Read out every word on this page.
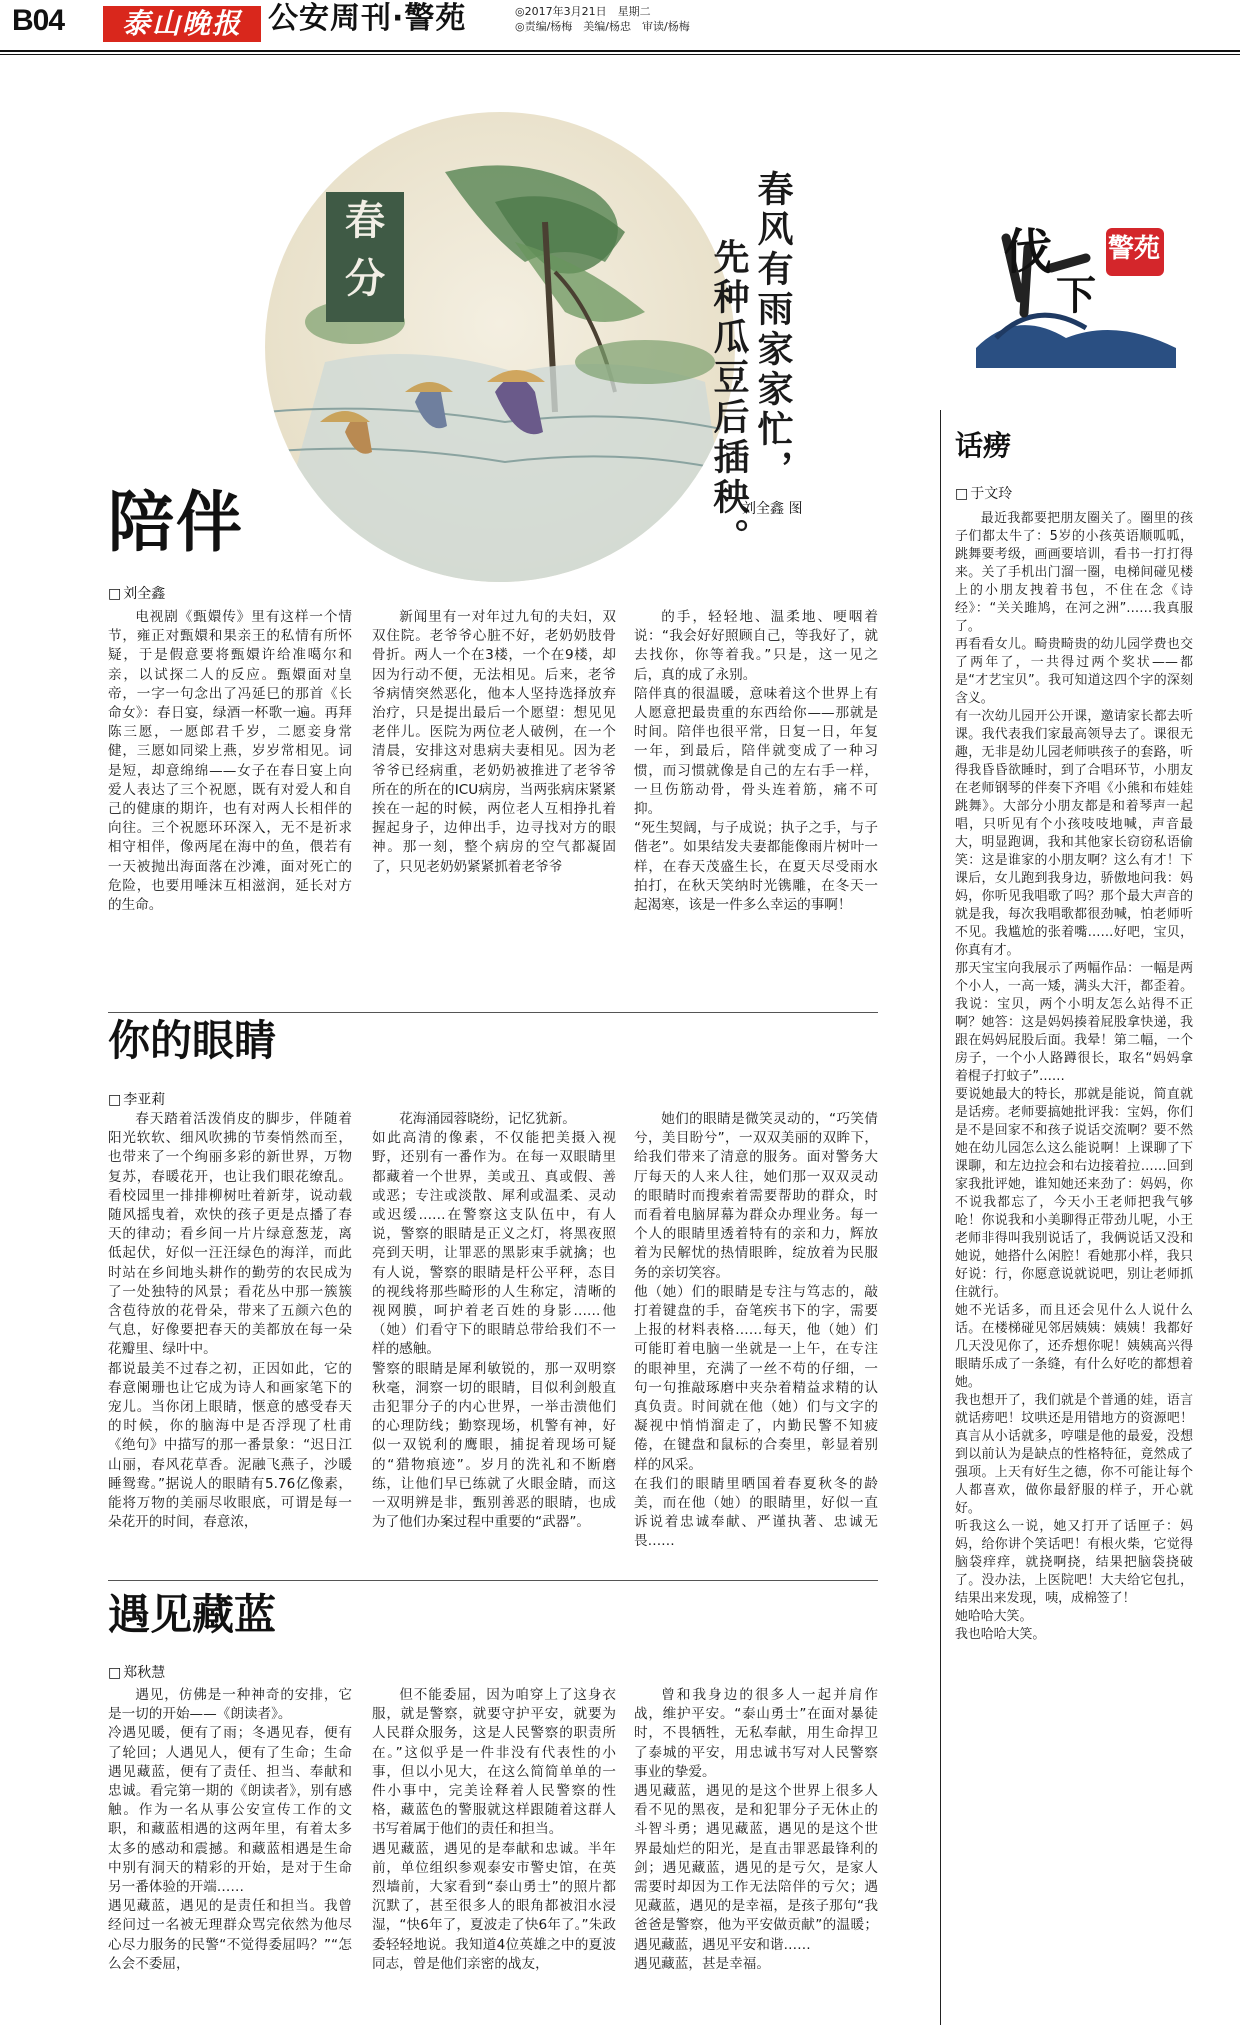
B04	泰山晚报 公安周刊·警苑	◎2017年3月21日　星期二
◎责编/杨梅　美编/杨忠　审读/杨梅
春分	春风有雨家家忙，
先种瓜豆后插秧。
刘全鑫 图
伐
下
警苑
陪伴
□ 刘全鑫

电视剧《甄嬛传》里有这样一个情节，雍正对甄嬛和果亲王的私情有所怀疑，于是假意要将甄嬛许给准噶尔和亲，以试探二人的反应。甄嬛面对皇帝，一字一句念出了冯延巳的那首《长命女》：春日宴，绿酒一杯歌一遍。再拜陈三愿，一愿郎君千岁，二愿妾身常健，三愿如同梁上燕，岁岁常相见。词是短，却意绵绵——女子在春日宴上向爱人表达了三个祝愿，既有对爱人和自己的健康的期许，也有对两人长相伴的向往。三个祝愿环环深入，无不是祈求相守相伴，像两尾在海中的鱼，偎若有一天被抛出海面落在沙滩，面对死亡的危险，也要用唾沫互相滋润，延长对方的生命。

新闻里有一对年过九旬的夫妇，双双住院。老爷爷心脏不好，老奶奶肢骨骨折。两人一个在3楼，一个在9楼，却因为行动不便，无法相见。后来，老爷爷病情突然恶化，他本人坚持选择放弃治疗，只是提出最后一个愿望：想见见老伴儿。医院为两位老人破例，在一个清晨，安排这对患病夫妻相见。因为老爷爷已经病重，老奶奶被推进了老爷爷所在的所在的ICU病房，当两张病床紧紧挨在一起的时候，两位老人互相挣扎着握起身子，边伸出手，边寻找对方的眼神。那一刻，整个病房的空气都凝固了，只见老奶奶紧紧抓着老爷爷

的手，轻轻地、温柔地、哽咽着说：“我会好好照顾自己，等我好了，就去找你，你等着我。”只是，这一见之后，真的成了永别。
陪伴真的很温暖，意味着这个世界上有人愿意把最贵重的东西给你——那就是时间。陪伴也很平常，日复一日，年复一年，到最后，陪伴就变成了一种习惯，而习惯就像是自己的左右手一样，一旦伤筋动骨，骨头连着筋，痛不可抑。
“死生契阔，与子成说；执子之手，与子偕老”。如果结发夫妻都能像雨片树叶一样，在春天茂盛生长，在夏天尽受雨水拍打，在秋天笑纳时光镌雕，在冬天一起渴寒，该是一件多么幸运的事啊！

你的眼睛
□ 李亚莉

春天踏着活泼俏皮的脚步，伴随着阳光软软、细风吹拂的节奏悄然而至，也带来了一个绚丽多彩的新世界，万物复苏，春暖花开，也让我们眼花缭乱。看校园里一排排柳树吐着新芽，说动载随风摇曳着，欢快的孩子更是点播了春天的律动；看乡间一片片绿意葱茏，离低起伏，好似一汪汪绿色的海洋，而此时站在乡间地头耕作的勤劳的农民成为了一处独特的风景；看花丛中那一簇簇含苞待放的花骨朵，带来了五颜六色的气息，好像要把春天的美都放在每一朵花瓣里、绿叶中。
都说最美不过春之初，正因如此，它的春意阑珊也让它成为诗人和画家笔下的宠儿。当你闭上眼睛，惬意的感受春天的时候，你的脑海中是否浮现了杜甫《绝句》中描写的那一番景象：“迟日江山丽，春风花草香。泥融飞燕子，沙暖睡鸳鸯。”据说人的眼睛有5.76亿像素，能将万物的美丽尽收眼底，可谓是每一朵花开的时间，春意浓，

花海涌园蓉晓纷，记忆犹新。
如此高清的像素，不仅能把美摄入视野，还别有一番作为。在每一双眼睛里都藏着一个世界，美或丑、真或假、善或恶；专注或淡散、犀利或温柔、灵动或迟缓……在警察这支队伍中，有人说，警察的眼睛是正义之灯，将黑夜照亮到天明，让罪恶的黑影束手就擒；也有人说，警察的眼睛是杆公平秤，态目的视线将那些畸形的人生称定，清晰的视网膜，呵护着老百姓的身影……他（她）们看守下的眼睛总带给我们不一样的感触。
警察的眼睛是犀利敏锐的，那一双明察秋毫，洞察一切的眼睛，目似利剑般直击犯罪分子的内心世界，一举击溃他们的心理防线；勤察现场，机警有神，好似一双锐利的鹰眼，捕捉着现场可疑的“猎物痕迹”。岁月的洗礼和不断磨练，让他们早已练就了火眼金睛，而这一双明辨是非，甄别善恶的眼睛，也成为了他们办案过程中重要的“武器”。

她们的眼睛是微笑灵动的，“巧笑倩兮，美目盼兮”，一双双美丽的双眸下，给我们带来了清意的服务。面对警务大厅每天的人来人往，她们那一双双灵动的眼睛时而搜索着需要帮助的群众，时而看着电脑屏幕为群众办理业务。每一个人的眼睛里透着特有的亲和力，辉放着为民解忧的热情眼眸，绽放着为民服务的亲切笑容。
他（她）们的眼睛是专注与笃志的，敲打着键盘的手，奋笔疾书下的字，需要上报的材料表格……每天，他（她）们可能盯着电脑一坐就是一上午，在专注的眼神里，充满了一丝不苟的仔细，一句一句推敲琢磨中夹杂着精益求精的认真负责。时间就在他（她）们与文字的凝视中悄悄溜走了，内勤民警不知疲倦，在键盘和鼠标的合奏里，彰显着别样的风采。
在我们的眼睛里晒国着春夏秋冬的龄美，而在他（她）的眼睛里，好似一直诉说着忠诚奉献、严谨执著、忠诚无畏……

遇见藏蓝
□ 郑秋慧

遇见，仿佛是一种神奇的安排，它是一切的开始——《朗读者》。
冷遇见暖，便有了雨；冬遇见春，便有了轮回；人遇见人，便有了生命；生命遇见藏蓝，便有了责任、担当、奉献和忠诚。看完第一期的《朗读者》，别有感触。作为一名从事公安宣传工作的文职，和藏蓝相遇的这两年里，有着太多太多的感动和震撼。和藏蓝相遇是生命中别有洞天的精彩的开始，是对于生命另一番体验的开端……
遇见藏蓝，遇见的是责任和担当。我曾经问过一名被无理群众骂完依然为他尽心尽力服务的民警“不觉得委屈吗？”“怎么会不委屈，

但不能委屈，因为咱穿上了这身衣服，就是警察，就要守护平安，就要为人民群众服务，这是人民警察的职责所在。”这似乎是一件非没有代表性的小事，但以小见大，在这么简简单单的一件小事中，完美诠释着人民警察的性格，藏蓝色的警服就这样跟随着这群人书写着属于他们的责任和担当。
遇见藏蓝，遇见的是奉献和忠诚。半年前，单位组织参观泰安市警史馆，在英烈墙前，大家看到“泰山勇士”的照片都沉默了，甚至很多人的眼角都被泪水浸湿，“快6年了，夏波走了快6年了。”朱政委轻轻地说。我知道4位英雄之中的夏波同志，曾是他们亲密的战友，

曾和我身边的很多人一起并肩作战，维护平安。“泰山勇士”在面对暴徒时，不畏牺牲，无私奉献，用生命捍卫了泰城的平安，用忠诚书写对人民警察事业的挚爱。
遇见藏蓝，遇见的是这个世界上很多人看不见的黑夜，是和犯罪分子无休止的斗智斗勇；遇见藏蓝，遇见的是这个世界最灿烂的阳光，是直击罪恶最锋利的剑；遇见藏蓝，遇见的是亏欠，是家人需要时却因为工作无法陪伴的亏欠；遇见藏蓝，遇见的是幸福，是孩子那句“我爸爸是警察，他为平安做贡献”的温暖；遇见藏蓝，遇见平安和谐……
遇见藏蓝，甚是幸福。

话痨
□ 于文玲

最近我都要把朋友圈关了。圈里的孩子们都太牛了：5岁的小孩英语顺呱呱，跳舞要考级，画画要培训，看书一打打得来。关了手机出门溜一圈，电梯间碰见楼上的小朋友拽着书包，不住在念《诗经》：“关关雎鸠，在河之洲”……我真服了。
再看看女儿。畸贵畸贵的幼儿园学费也交了两年了，一共得过两个奖状——都是“才艺宝贝”。我可知道这四个字的深刻含义。
有一次幼儿园开公开课，邀请家长都去听课。我代表我们家最高领导去了。课很无趣，无非是幼儿园老师哄孩子的套路，听得我昏昏欲睡时，到了合唱环节，小朋友在老师钢琴的伴奏下齐唱《小熊和布娃娃跳舞》。大部分小朋友都是和着琴声一起唱，只听见有个小孩吱吱地喊，声音最大，明显跑调，我和其他家长窃窃私语偷笑：这是谁家的小朋友啊？这么有才！下课后，女儿跑到我身边，骄傲地问我：妈妈，你听见我唱歌了吗？那个最大声音的就是我，每次我唱歌都很劲喊，怕老师听不见。我尴尬的张着嘴……好吧，宝贝，你真有才。
那天宝宝向我展示了两幅作品：一幅是两个小人，一高一矮，满头大汗，都歪着。我说：宝贝，两个小明友怎么站得不正啊？她答：这是妈妈揍着屁股拿快递，我跟在妈妈屁股后面。我晕！第二幅，一个房子，一个小人路蹲很长，取名“妈妈拿着棍子打蚊子”……
要说她最大的特长，那就是能说，简直就是话痨。老师要搞她批评我：宝妈，你们是不是回家不和孩子说话交流啊？要不然她在幼儿园怎么这么能说啊！上课聊了下课聊，和左边拉会和右边接着拉……回到家我批评她，谁知她还来劲了：妈妈，你不说我都忘了，今天小王老师把我气够呛！你说我和小美聊得正带劲儿呢，小王老师非得叫我别说话了，我俩说话又没和她说，她搭什么闲腔！看她那小样，我只好说：行，你愿意说就说吧，别让老师抓住就行。
她不光话多，而且还会见什么人说什么话。在楼梯碰见邻居姨姨：姨姨！我都好几天没见你了，还乔想你呢！姨姨高兴得眼睛乐成了一条缝，有什么好吃的都想着她。
我也想开了，我们就是个普通的娃，语言就话痨吧！坟哄还是用错地方的资源吧！真言从小话就多，哼嗤是他的最爱，没想到以前认为是缺点的性格特征，竟然成了强项。上天有好生之德，你不可能让每个人都喜欢，做你最舒服的样子，开心就好。
听我这么一说，她又打开了话匣子：妈妈，给你讲个笑话吧！有根火柴，它觉得脑袋痒痒，就挠啊挠，结果把脑袋挠破了。没办法，上医院吧！大夫给它包扎，结果出来发现，咦，成棉签了！
她哈哈大笑。
我也哈哈大笑。
